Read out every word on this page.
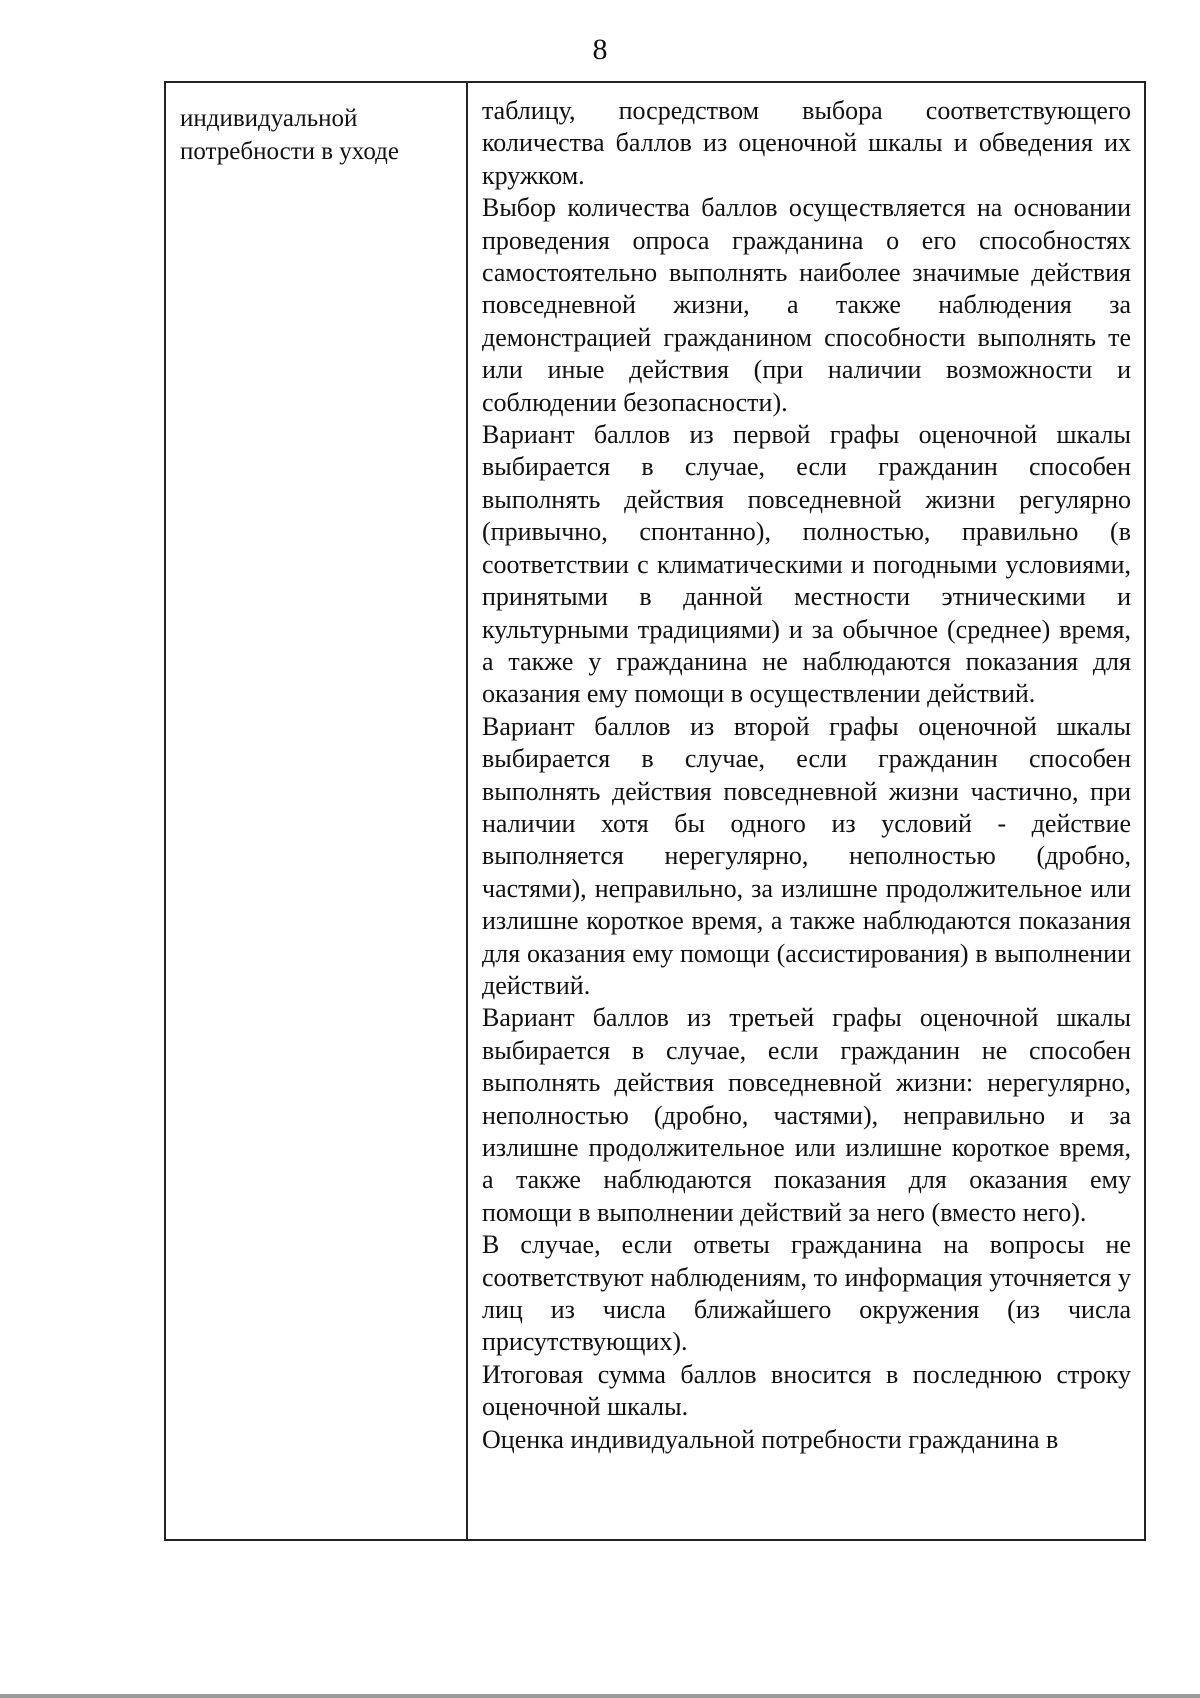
8
индивидуальной потребности в уходе

таблицу, посредством выбора соответствующего количества баллов из оценочной шкалы и обведения их кружком.

Выбор количества баллов осуществляется на основании проведения опроса гражданина о его способностях самостоятельно выполнять наиболее значимые действия повседневной жизни, а также наблюдения за демонстрацией гражданином способности выполнять те или иные действия (при наличии возможности и соблюдении безопасности).

Вариант баллов из первой графы оценочной шкалы выбирается в случае, если гражданин способен выполнять действия повседневной жизни регулярно (привычно, спонтанно), полностью, правильно (в соответствии с климатическими и погодными условиями, принятыми в данной местности этническими и культурными традициями) и за обычное (среднее) время, а также у гражданина не наблюдаются показания для оказания ему помощи в осуществлении действий.

Вариант баллов из второй графы оценочной шкалы выбирается в случае, если гражданин способен выполнять действия повседневной жизни частично, при наличии хотя бы одного из условий - действие выполняется нерегулярно, неполностью (дробно, частями), неправильно, за излишне продолжительное или излишне короткое время, а также наблюдаются показания для оказания ему помощи (ассистирования) в выполнении действий.

Вариант баллов из третьей графы оценочной шкалы выбирается в случае, если гражданин не способен выполнять действия повседневной жизни: нерегулярно, неполностью (дробно, частями), неправильно и за излишне продолжительное или излишне короткое время, а также наблюдаются показания для оказания ему помощи в выполнении действий за него (вместо него).

В случае, если ответы гражданина на вопросы не соответствуют наблюдениям, то информация уточняется у лиц из числа ближайшего окружения (из числа присутствующих).

Итоговая сумма баллов вносится в последнюю строку оценочной шкалы.

Оценка индивидуальной потребности гражданина в
